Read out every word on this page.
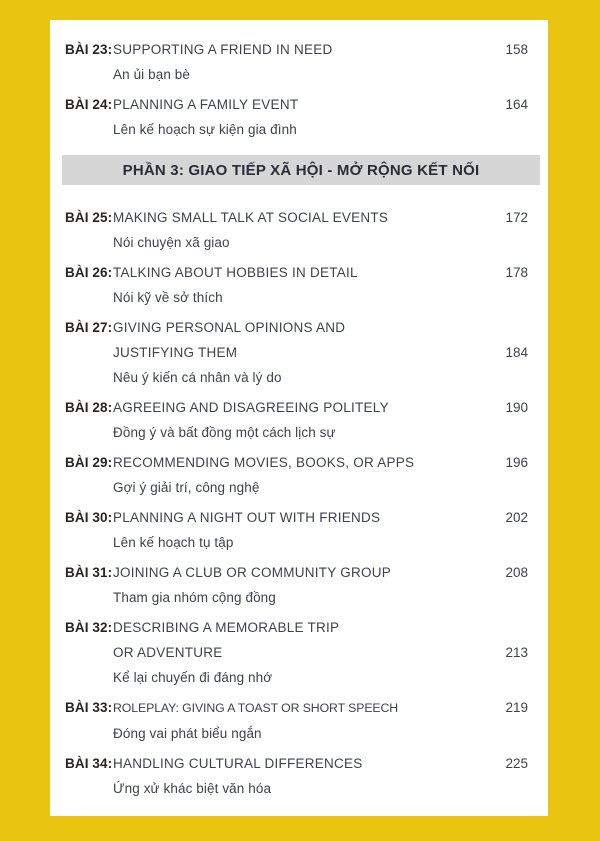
BÀI 23: SUPPORTING A FRIEND IN NEED	158
An ủi bạn bè
BÀI 24: PLANNING A FAMILY EVENT	164
Lên kế hoạch sự kiện gia đình
PHẦN 3: GIAO TIẾP XÃ HỘI - MỞ RỘNG KẾT NỐI
BÀI 25: MAKING SMALL TALK AT SOCIAL EVENTS	172
Nói chuyện xã giao
BÀI 26: TALKING ABOUT HOBBIES IN DETAIL	178
Nói kỹ về sở thích
BÀI 27: GIVING PERSONAL OPINIONS AND
JUSTIFYING THEM	184
Nêu ý kiến cá nhân và lý do
BÀI 28: AGREEING AND DISAGREEING POLITELY	190
Đồng ý và bất đồng một cách lịch sự
BÀI 29: RECOMMENDING MOVIES, BOOKS, OR APPS	196
Gợi ý giải trí, công nghệ
BÀI 30: PLANNING A NIGHT OUT WITH FRIENDS	202
Lên kế hoạch tụ tập
BÀI 31: JOINING A CLUB OR COMMUNITY GROUP	208
Tham gia nhóm cộng đồng
BÀI 32: DESCRIBING A MEMORABLE TRIP
OR ADVENTURE	213
Kể lại chuyến đi đáng nhớ
BÀI 33: ROLEPLAY: GIVING A TOAST OR SHORT SPEECH	219
Đóng vai phát biểu ngắn
BÀI 34: HANDLING CULTURAL DIFFERENCES	225
Ứng xử khác biệt văn hóa
